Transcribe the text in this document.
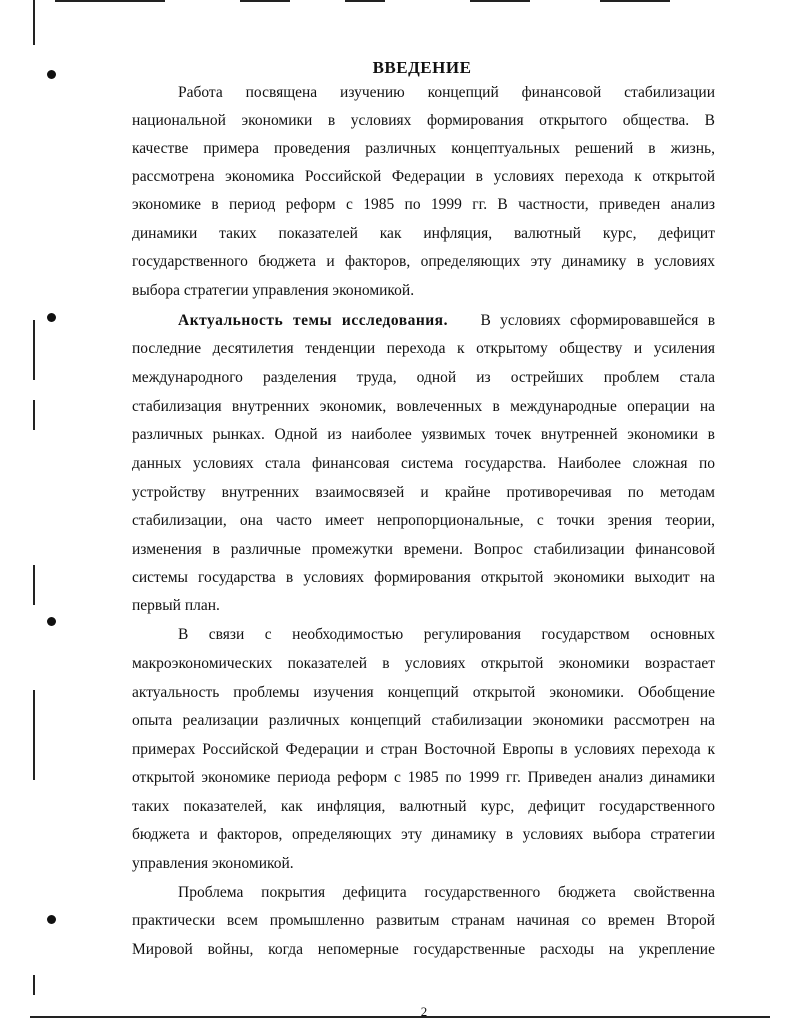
ВВЕДЕНИЕ
Работа посвящена изучению концепций финансовой стабилизации
национальной экономики в условиях формирования открытого общества. В
качестве примера проведения различных концептуальных решений в жизнь,
рассмотрена экономика Российской Федерации в условиях перехода к открытой
экономике в период реформ с 1985 по 1999 гг. В частности, приведен анализ
динамики таких показателей как инфляция, валютный курс, дефицит
государственного бюджета и факторов, определяющих эту динамику в условиях
выбора стратегии управления экономикой.
Актуальность темы исследования. В условиях сформировавшейся в
последние десятилетия тенденции перехода к открытому обществу и усиления
международного разделения труда, одной из острейших проблем стала
стабилизация внутренних экономик, вовлеченных в международные операции на
различных рынках. Одной из наиболее уязвимых точек внутренней экономики в
данных условиях стала финансовая система государства. Наиболее сложная по
устройству внутренних взаимосвязей и крайне противоречивая по методам
стабилизации, она часто имеет непропорциональные, с точки зрения теории,
изменения в различные промежутки времени. Вопрос стабилизации финансовой
системы государства в условиях формирования открытой экономики выходит на
первый план.
В связи с необходимостью регулирования государством основных
макроэкономических показателей в условиях открытой экономики возрастает
актуальность проблемы изучения концепций открытой экономики. Обобщение
опыта реализации различных концепций стабилизации экономики рассмотрен на
примерах Российской Федерации и стран Восточной Европы в условиях перехода к
открытой экономике периода реформ с 1985 по 1999 гг. Приведен анализ динамики
таких показателей, как инфляция, валютный курс, дефицит государственного
бюджета и факторов, определяющих эту динамику в условиях выбора стратегии
управления экономикой.
Проблема покрытия дефицита государственного бюджета свойственна
практически всем промышленно развитым странам начиная со времен Второй
Мировой войны, когда непомерные государственные расходы на укрепление
2
